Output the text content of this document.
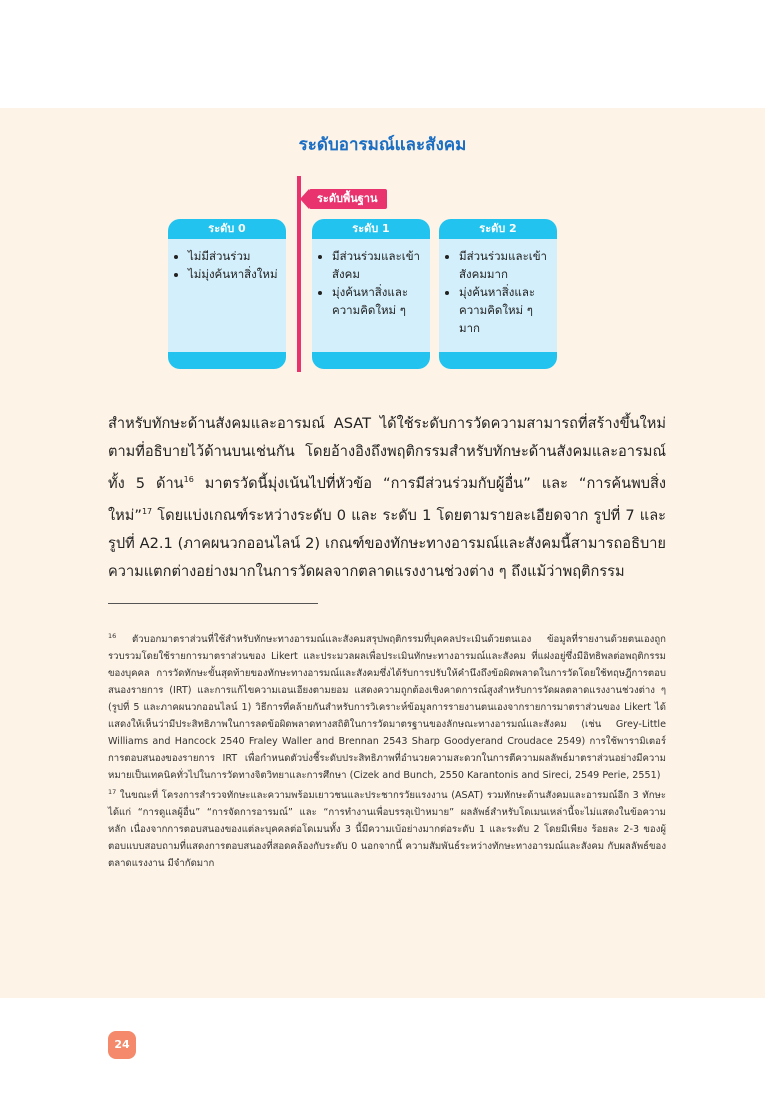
ระดับอารมณ์และสังคม
ระดับพื้นฐาน
ระดับ 0
• ไม่มีส่วนร่วม
• ไม่มุ่งค้นหาสิ่งใหม่
ระดับ 1
• มีส่วนร่วมและเข้าสังคม
• มุ่งค้นหาสิ่งและความคิดใหม่ ๆ
ระดับ 2
• มีส่วนร่วมและเข้าสังคมมาก
• มุ่งค้นหาสิ่งและความคิดใหม่ ๆ มาก
สำหรับทักษะด้านสังคมและอารมณ์ ASAT ได้ใช้ระดับการวัดความสามารถที่สร้างขึ้นใหม่ตามที่อธิบายไว้ด้านบนเช่นกัน โดยอ้างอิงถึงพฤติกรรมสำหรับทักษะด้านสังคมและอารมณ์ทั้ง 5 ด้าน$^{16}$ มาตรวัดนี้มุ่งเน้นไปที่หัวข้อ “การมีส่วนร่วมกับผู้อื่น” และ “การค้นพบสิ่งใหม่”$^{17}$ โดยแบ่งเกณฑ์ระหว่างระดับ 0 และ ระดับ 1 โดยตามรายละเอียดจาก รูปที่ 7 และรูปที่ A2.1 (ภาคผนวกออนไลน์ 2) เกณฑ์ของทักษะทางอารมณ์และสังคมนี้สามารถอธิบายความแตกต่างอย่างมากในการวัดผลจากตลาดแรงงานช่วงต่าง ๆ ถึงแม้ว่าพฤติกรรม

$^{16}$ ตัวบอกมาตราส่วนที่ใช้สำหรับทักษะทางอารมณ์และสังคมสรุปพฤติกรรมที่บุคคลประเมินด้วยตนเอง ข้อมูลที่รายงานด้วยตนเองถูกรวบรวมโดยใช้รายการมาตราส่วนของ Likert และประมวลผลเพื่อประเมินทักษะทางอารมณ์และสังคม ที่แฝงอยู่ซึ่งมีอิทธิพลต่อพฤติกรรมของบุคคล การวัดทักษะขั้นสุดท้ายของทักษะทางอารมณ์และสังคมซึ่งได้รับการปรับให้คำนึงถึงข้อผิดพลาดในการวัดโดยใช้ทฤษฎีการตอบสนองรายการ (IRT) และการแก้ไขความเอนเอียงตามยอม แสดงความถูกต้องเชิงคาดการณ์สูงสำหรับการวัดผลตลาดแรงงานช่วงต่าง ๆ (รูปที่ 5 และภาคผนวกออนไลน์ 1) วิธีการที่คล้ายกันสำหรับการวิเคราะห์ข้อมูลการรายงานตนเองจากรายการมาตราส่วนของ Likert ได้แสดงให้เห็นว่ามีประสิทธิภาพในการลดข้อผิดพลาดทางสถิติในการวัดมาตรฐานของลักษณะทางอารมณ์และสังคม (เช่น Grey-Little Williams and Hancock 2540 Fraley Waller and Brennan 2543 Sharp Goodyerand Croudace 2549) การใช้พารามิเตอร์การตอบสนองของรายการ IRT เพื่อกำหนดตัวบ่งชี้ระดับประสิทธิภาพที่อำนวยความสะดวกในการตีความผลลัพธ์มาตราส่วนอย่างมีความหมายเป็นเทคนิคทั่วไปในการวัดทางจิตวิทยาและการศึกษา (Cizek and Bunch, 2550 Karantonis and Sireci, 2549 Perie, 2551)

$^{17}$ ในขณะที่ โครงการสำรวจทักษะและความพร้อมเยาวชนและประชากรวัยแรงงาน (ASAT) รวมทักษะด้านสังคมและอารมณ์อีก 3 ทักษะ ได้แก่ “การดูแลผู้อื่น” “การจัดการอารมณ์” และ “การทำงานเพื่อบรรลุเป้าหมาย” ผลลัพธ์สำหรับโดเมนเหล่านี้จะไม่แสดงในข้อความหลัก เนื่องจากการตอบสนองของแต่ละบุคคลต่อโดเมนทั้ง 3 นี้มีความเบ้อย่างมากต่อระดับ 1 และระดับ 2 โดยมีเพียง ร้อยละ 2-3 ของผู้ตอบแบบสอบถามที่แสดงการตอบสนองที่สอดคล้องกับระดับ 0 นอกจากนี้ ความสัมพันธ์ระหว่างทักษะทางอารมณ์และสังคม กับผลลัพธ์ของตลาดแรงงาน มีจำกัดมาก

24
